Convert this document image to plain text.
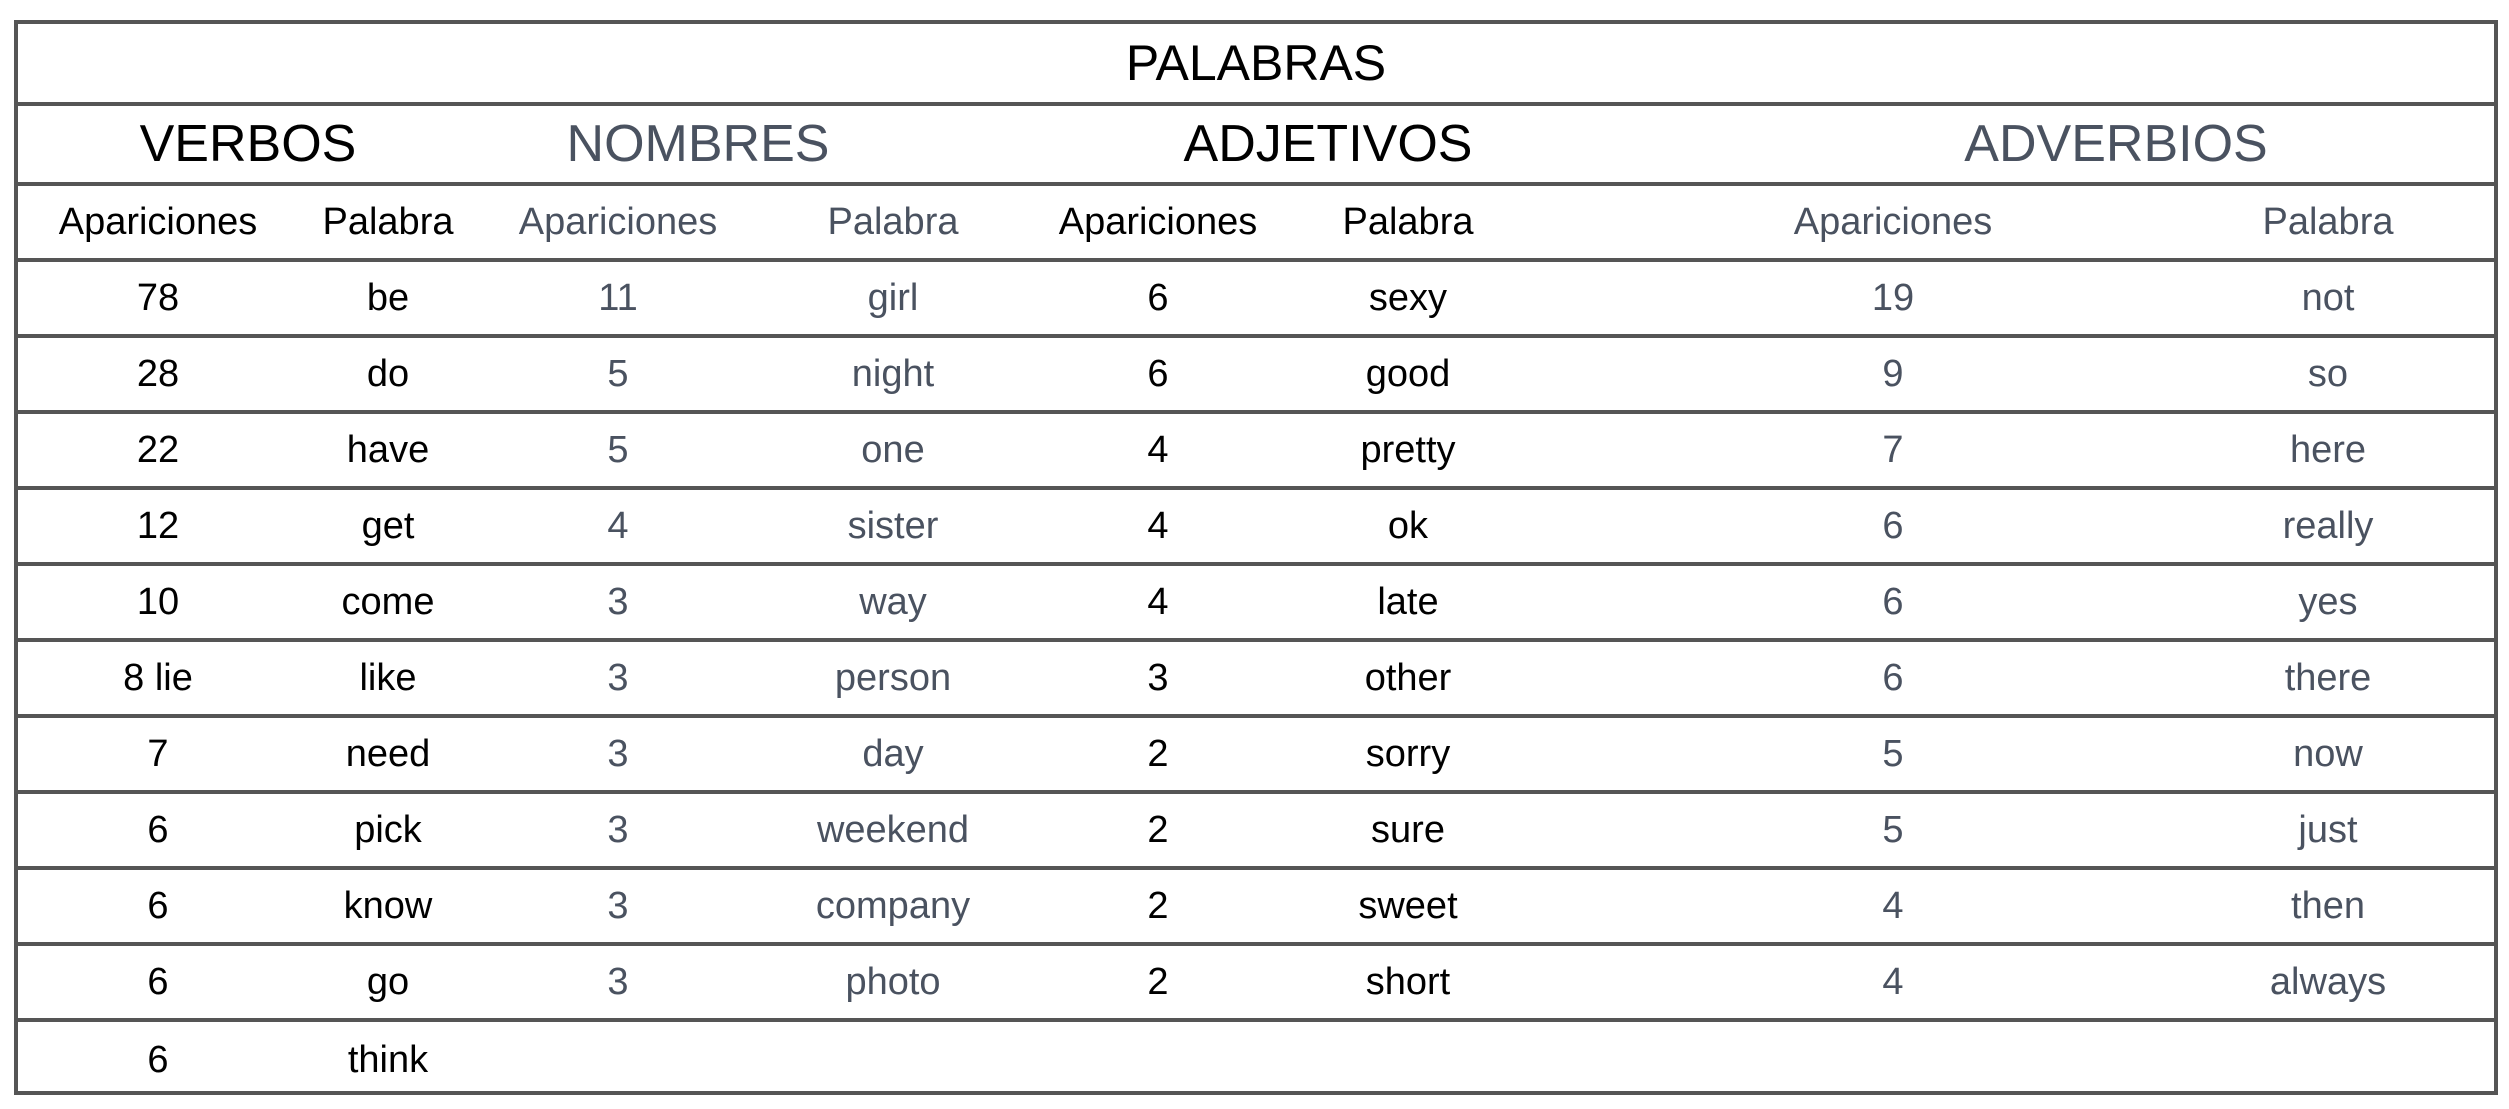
PALABRAS
VERBOS	NOMBRES	ADJETIVOS	ADVERBIOS
Apariciones	Palabra	Apariciones	Palabra	Apariciones	Palabra	Apariciones	Palabra
78	be	11	girl	6	sexy	19	not
28	do	5	night	6	good	9	so
22	have	5	one	4	pretty	7	here
12	get	4	sister	4	ok	6	really
10	come	3	way	4	late	6	yes
8 lie	like	3	person	3	other	6	there
7	need	3	day	2	sorry	5	now
6	pick	3	weekend	2	sure	5	just
6	know	3	company	2	sweet	4	then
6	go	3	photo	2	short	4	always
6	think
